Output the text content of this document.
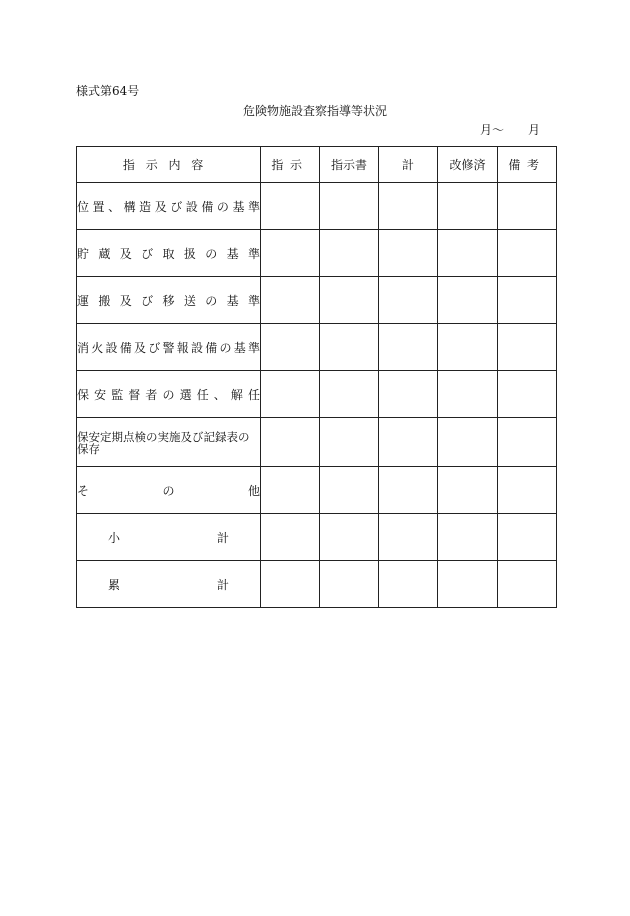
様式第64号
危険物施設査察指導等状況
月～ 月
指示内容	指示	指示書	計	改修済	備考
位置、構造及び設備の基準					
貯蔵及び取扱の基準					
運搬及び移送の基準					
消火設備及び警報設備の基準					
保安監督者の選任、解任					
保安定期点検の実施及び記録表の保存					
その他					
小計					
累計					
